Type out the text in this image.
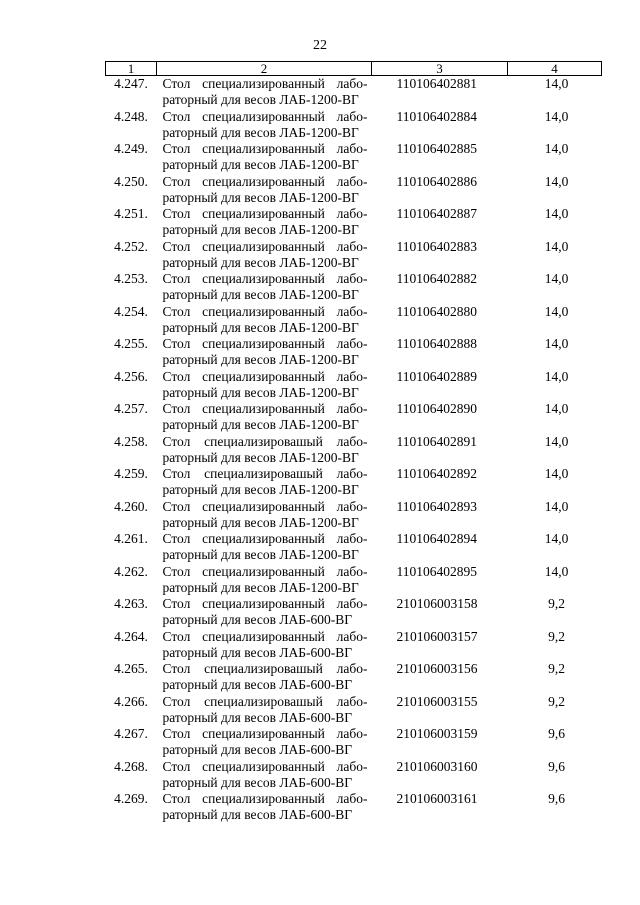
22
1	2	3	4
4.247.	Стол специализированный лабо-
раторный для весов ЛАБ-1200-ВГ	110106402881	14,0
4.248.	Стол специализированный лабо-
раторный для весов ЛАБ-1200-ВГ	110106402884	14,0
4.249.	Стол специализированный лабо-
раторный для весов ЛАБ-1200-ВГ	110106402885	14,0
4.250.	Стол специализированный лабо-
раторный для весов ЛАБ-1200-ВГ	110106402886	14,0
4.251.	Стол специализированный лабо-
раторный для весов ЛАБ-1200-ВГ	110106402887	14,0
4.252.	Стол специализированный лабо-
раторный для весов ЛАБ-1200-ВГ	110106402883	14,0
4.253.	Стол специализированный лабо-
раторный для весов ЛАБ-1200-ВГ	110106402882	14,0
4.254.	Стол специализированный лабо-
раторный для весов ЛАБ-1200-ВГ	110106402880	14,0
4.255.	Стол специализированный лабо-
раторный для весов ЛАБ-1200-ВГ	110106402888	14,0
4.256.	Стол специализированный лабо-
раторный для весов ЛАБ-1200-ВГ	110106402889	14,0
4.257.	Стол специализированный лабо-
раторный для весов ЛАБ-1200-ВГ	110106402890	14,0
4.258.	Стол специализировашый лабо-
раторный для весов ЛАБ-1200-ВГ	110106402891	14,0
4.259.	Стол специализировашый лабо-
раторный для весов ЛАБ-1200-ВГ	110106402892	14,0
4.260.	Стол специализированный лабо-
раторный для весов ЛАБ-1200-ВГ	110106402893	14,0
4.261.	Стол специализированный лабо-
раторный для весов ЛАБ-1200-ВГ	110106402894	14,0
4.262.	Стол специализированный лабо-
раторный для весов ЛАБ-1200-ВГ	110106402895	14,0
4.263.	Стол специализированный лабо-
раторный для весов ЛАБ-600-ВГ	210106003158	9,2
4.264.	Стол специализированный лабо-
раторный для весов ЛАБ-600-ВГ	210106003157	9,2
4.265.	Стол специализировашый лабо-
раторный для весов ЛАБ-600-ВГ	210106003156	9,2
4.266.	Стол специализировашый лабо-
раторный для весов ЛАБ-600-ВГ	210106003155	9,2
4.267.	Стол специализированный лабо-
раторный для весов ЛАБ-600-ВГ	210106003159	9,6
4.268.	Стол специализированный лабо-
раторный для весов ЛАБ-600-ВГ	210106003160	9,6
4.269.	Стол специализированный лабо-
раторный для весов ЛАБ-600-ВГ	210106003161	9,6
